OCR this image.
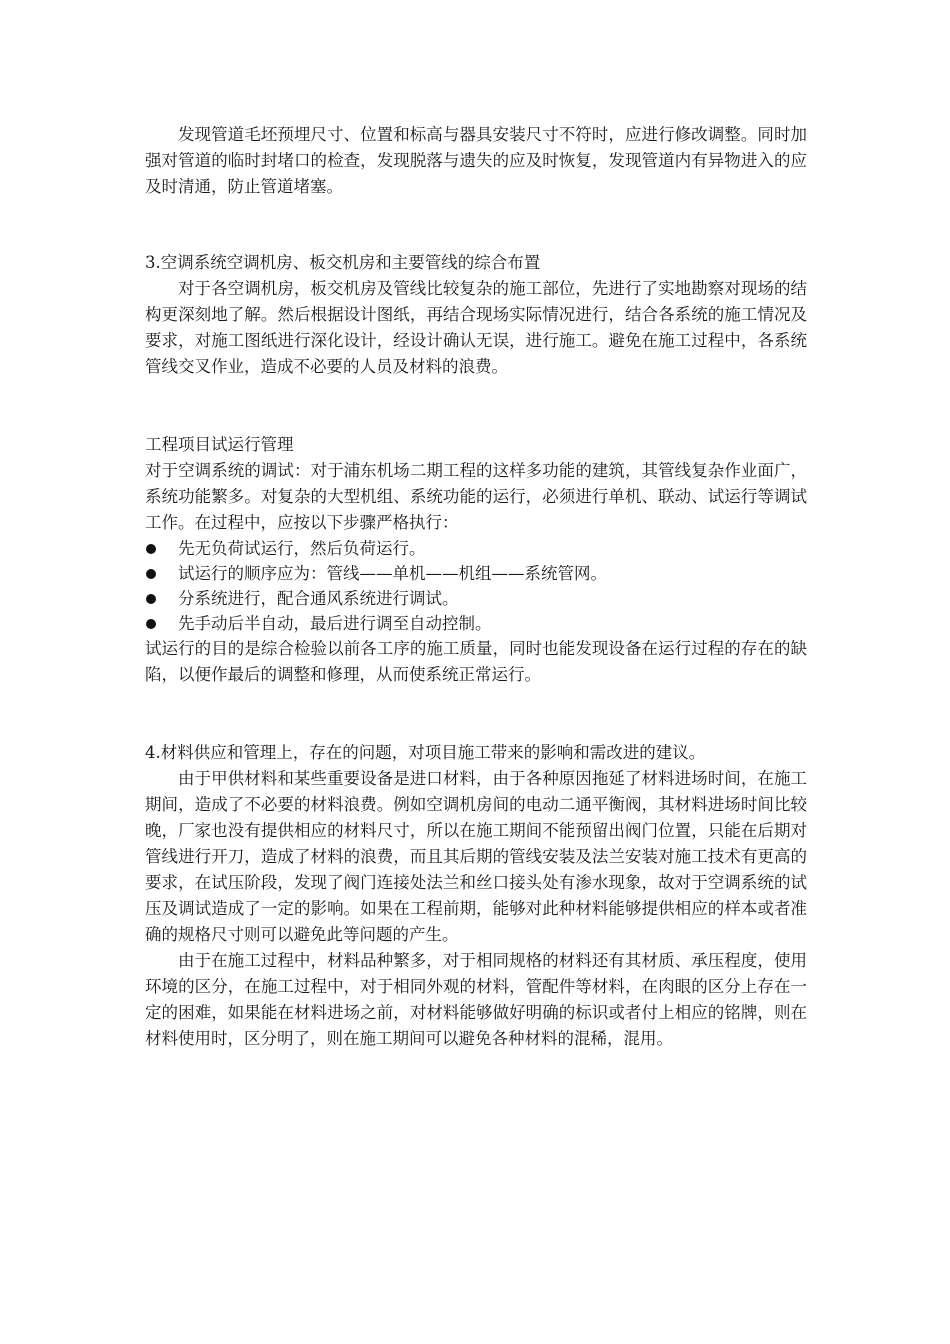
发现管道毛坯预埋尺寸、位置和标高与器具安装尺寸不符时，应进行修改调整。同时加强对管道的临时封堵口的检查，发现脱落与遗失的应及时恢复，发现管道内有异物进入的应及时清通，防止管道堵塞。

3.空调系统空调机房、板交机房和主要管线的综合布置

对于各空调机房，板交机房及管线比较复杂的施工部位，先进行了实地勘察对现场的结构更深刻地了解。然后根据设计图纸，再结合现场实际情况进行，结合各系统的施工情况及要求，对施工图纸进行深化设计，经设计确认无误，进行施工。避免在施工过程中，各系统管线交叉作业，造成不必要的人员及材料的浪费。

工程项目试运行管理

对于空调系统的调试：对于浦东机场二期工程的这样多功能的建筑，其管线复杂作业面广，系统功能繁多。对复杂的大型机组、系统功能的运行，必须进行单机、联动、试运行等调试工作。在过程中，应按以下步骤严格执行：

先无负荷试运行，然后负荷运行。
试运行的顺序应为：管线——单机——机组——系统管网。
分系统进行，配合通风系统进行调试。
先手动后半自动，最后进行调至自动控制。

试运行的目的是综合检验以前各工序的施工质量，同时也能发现设备在运行过程的存在的缺陷，以便作最后的调整和修理，从而使系统正常运行。

4.材料供应和管理上，存在的问题，对项目施工带来的影响和需改进的建议。

由于甲供材料和某些重要设备是进口材料，由于各种原因拖延了材料进场时间，在施工期间，造成了不必要的材料浪费。例如空调机房间的电动二通平衡阀，其材料进场时间比较晚，厂家也没有提供相应的材料尺寸，所以在施工期间不能预留出阀门位置，只能在后期对管线进行开刀，造成了材料的浪费，而且其后期的管线安装及法兰安装对施工技术有更高的要求，在试压阶段，发现了阀门连接处法兰和丝口接头处有渗水现象，故对于空调系统的试压及调试造成了一定的影响。如果在工程前期，能够对此种材料能够提供相应的样本或者准确的规格尺寸则可以避免此等问题的产生。

由于在施工过程中，材料品种繁多，对于相同规格的材料还有其材质、承压程度，使用环境的区分，在施工过程中，对于相同外观的材料，管配件等材料，在肉眼的区分上存在一定的困难，如果能在材料进场之前，对材料能够做好明确的标识或者付上相应的铭牌，则在材料使用时，区分明了，则在施工期间可以避免各种材料的混稀，混用。
